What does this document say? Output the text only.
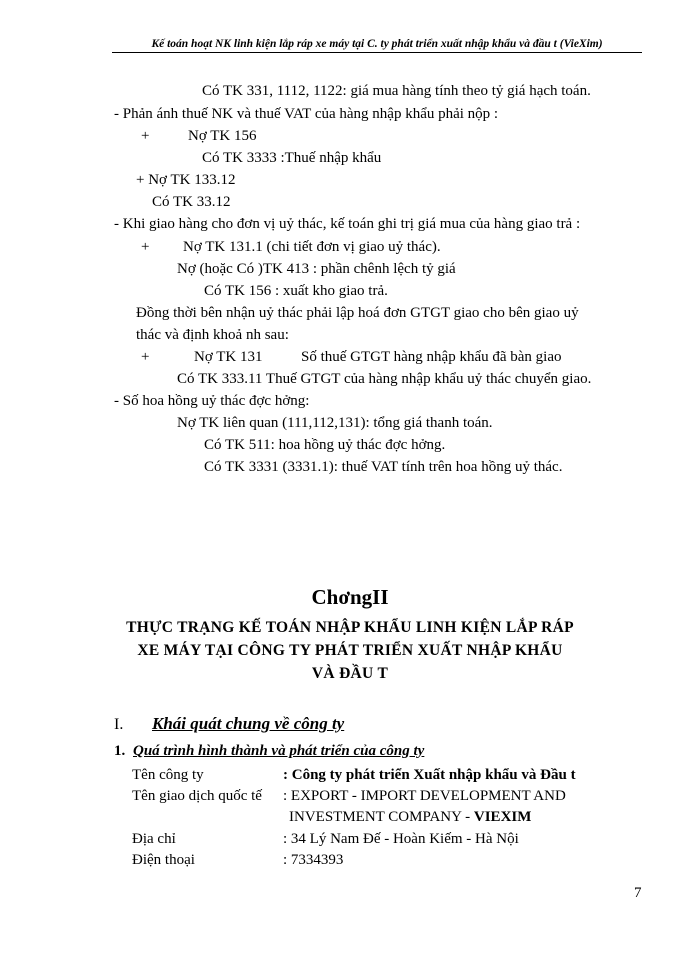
Kế toán hoạt NK linh kiện lắp ráp xe máy tại C. ty phát triển xuất nhập khẩu và đầu t (VieXim)
Có TK 331, 1112, 1122: giá mua hàng tính theo tỷ giá hạch toán.
- Phản ánh thuế NK và thuế VAT của hàng nhập khẩu phải nộp :
+	Nợ TK 156
Có TK 3333 :Thuế nhập khẩu
+ Nợ TK 133.12
Có TK 33.12
- Khi giao hàng cho đơn vị uỷ thác, kế toán ghi trị giá mua của hàng giao trả :
+ Nợ TK 131.1 (chi tiết đơn vị giao uỷ thác).
Nợ (hoặc Có )TK 413 : phần chênh lệch tỷ giá
Có TK 156 : xuất kho giao trả.
Đồng thời bên nhận uỷ thác phải lập hoá đơn GTGT giao cho bên giao uỷ
thác và định khoả nh sau:
+	Nợ TK 131	Số thuế GTGT hàng nhập khẩu đã bàn giao
Có TK 333.11 Thuế GTGT của hàng nhập khẩu uỷ thác chuyển giao.
- Số hoa hồng uỷ thác đợc hởng:
Nợ TK liên quan (111,112,131): tổng giá thanh toán.
Có TK 511: hoa hồng uỷ thác đợc hởng.
Có TK 3331 (3331.1): thuế VAT tính trên hoa hồng uỷ thác.
ChơngII
THỰC TRẠNG KẾ TOÁN NHẬP KHẨU LINH KIỆN LẮP RÁP
XE MÁY TẠI CÔNG TY PHÁT TRIỂN XUẤT NHẬP KHẨU
VÀ ĐẦU T
I. Khái quát chung về công ty
1. Quá trình hình thành và phát triển của công ty
Tên công ty	: Công ty phát triển Xuất nhập khẩu và Đầu t
Tên giao dịch quốc tế : EXPORT - IMPORT DEVELOPMENT AND
INVESTMENT COMPANY - VIEXIM
Địa chỉ	: 34 Lý Nam Đế - Hoàn Kiếm - Hà Nội
Điện thoại	: 7334393
7
